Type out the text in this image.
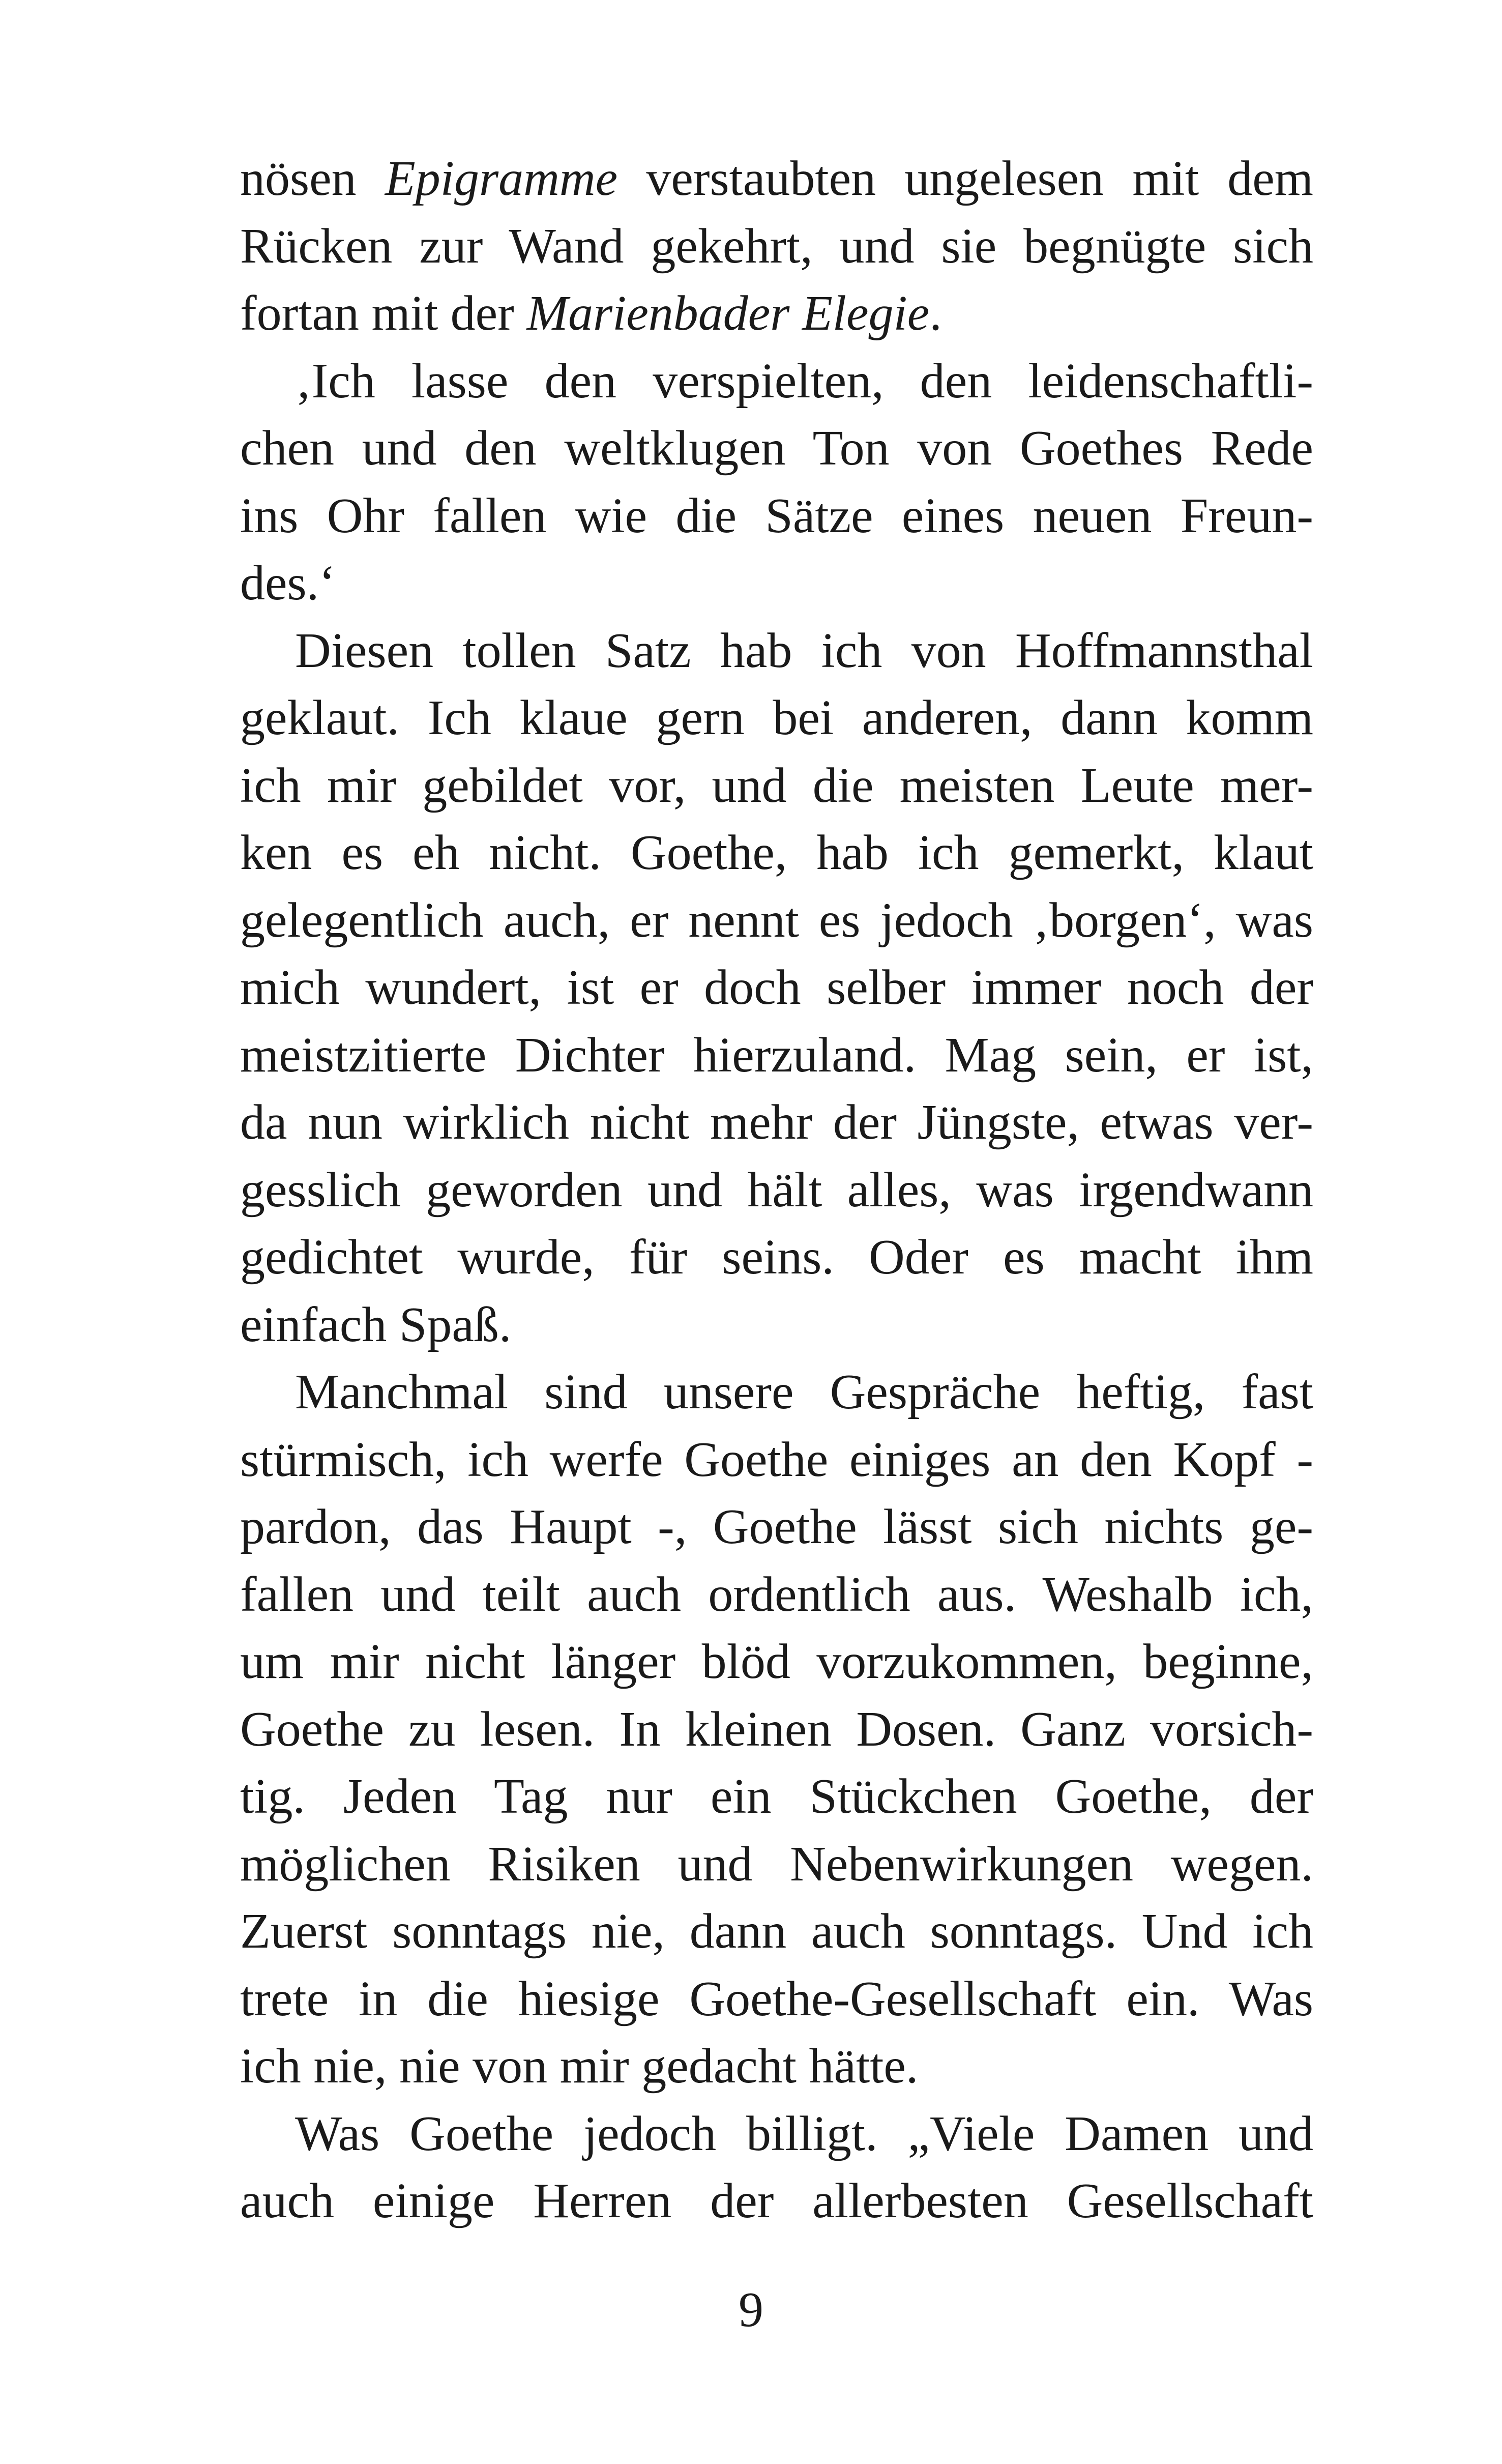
nösen Epigramme verstaubten ungelesen mit dem
Rücken zur Wand gekehrt, und sie begnügte sich
fortan mit der Marienbader Elegie.
‚Ich lasse den verspielten, den leidenschaftli-
chen und den weltklugen Ton von Goethes Rede
ins Ohr fallen wie die Sätze eines neuen Freun-
des.‘
Diesen tollen Satz hab ich von Hoffmannsthal
geklaut. Ich klaue gern bei anderen, dann komm
ich mir gebildet vor, und die meisten Leute mer-
ken es eh nicht. Goethe, hab ich gemerkt, klaut
gelegentlich auch, er nennt es jedoch ‚borgen‘, was
mich wundert, ist er doch selber immer noch der
meistzitierte Dichter hierzuland. Mag sein, er ist,
da nun wirklich nicht mehr der Jüngste, etwas ver-
gesslich geworden und hält alles, was irgendwann
gedichtet wurde, für seins. Oder es macht ihm
einfach Spaß.
Manchmal sind unsere Gespräche heftig, fast
stürmisch, ich werfe Goethe einiges an den Kopf -
pardon, das Haupt -, Goethe lässt sich nichts ge-
fallen und teilt auch ordentlich aus. Weshalb ich,
um mir nicht länger blöd vorzukommen, beginne,
Goethe zu lesen. In kleinen Dosen. Ganz vorsich-
tig. Jeden Tag nur ein Stückchen Goethe, der
möglichen Risiken und Nebenwirkungen wegen.
Zuerst sonntags nie, dann auch sonntags. Und ich
trete in die hiesige Goethe-Gesellschaft ein. Was
ich nie, nie von mir gedacht hätte.
Was Goethe jedoch billigt. „Viele Damen und
auch einige Herren der allerbesten Gesellschaft
9
